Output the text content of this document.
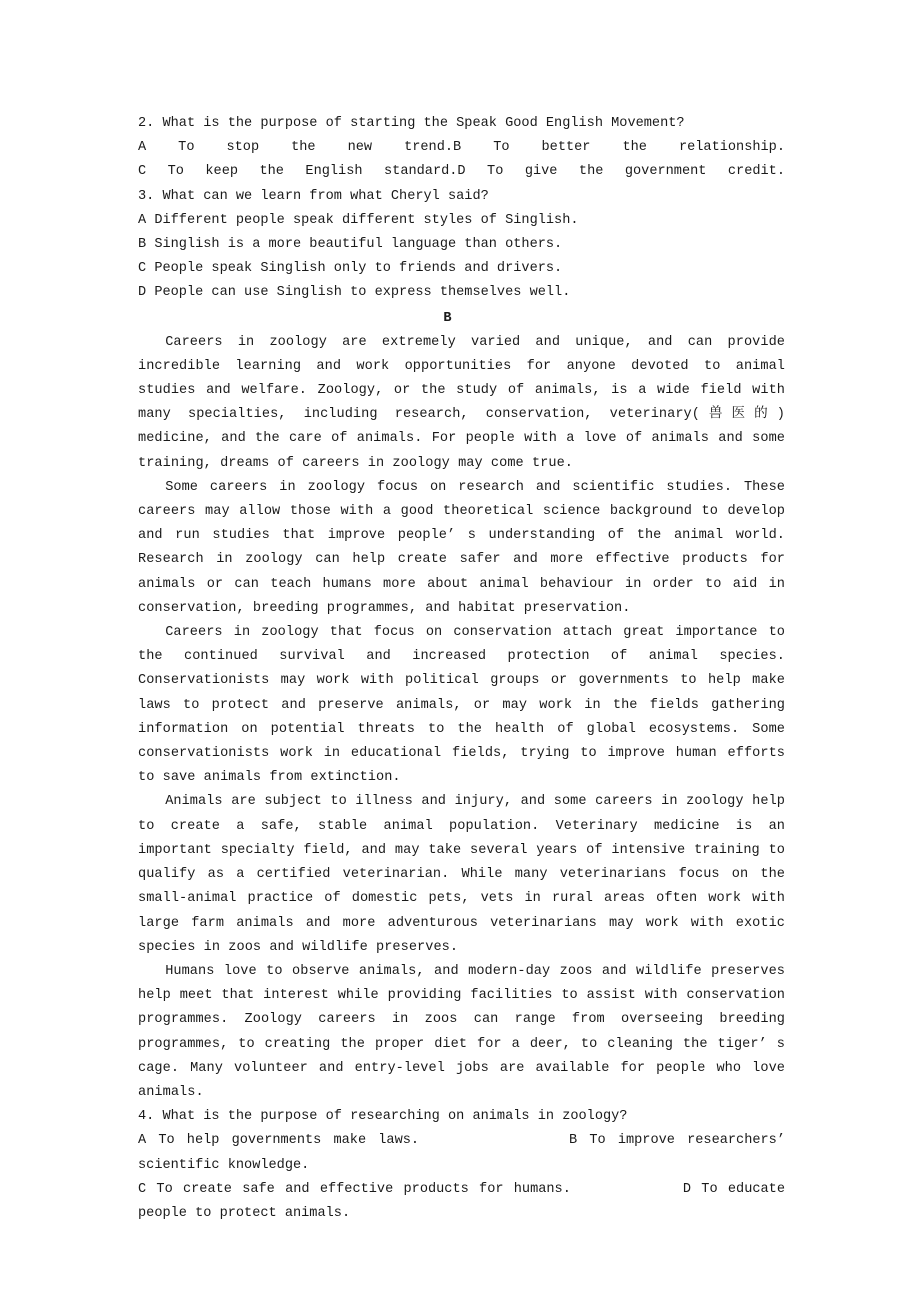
2. What is the purpose of starting the Speak Good English Movement?
A To stop the new trend.B To better the relationship.
C To keep the English standard.D To give the government credit.
3. What can we learn from what Cheryl said?
A Different people speak different styles of Singlish.
B Singlish is a more beautiful language than others.
C People speak Singlish only to friends and drivers.
D People can use Singlish to express themselves well.
B

Careers in zoology are extremely varied and unique, and can provide incredible learning and work opportunities for anyone devoted to animal studies and welfare. Zoology, or the study of animals, is a wide field with many specialties, including research, conservation, veterinary(兽医的) medicine, and the care of animals. For people with a love of animals and some training, dreams of careers in zoology may come true.

Some careers in zoology focus on research and scientific studies. These careers may allow those with a good theoretical science background to develop and run studies that improve people’ s understanding of the animal world. Research in zoology can help create safer and more effective products for animals or can teach humans more about animal behaviour in order to aid in conservation, breeding programmes, and habitat preservation.

Careers in zoology that focus on conservation attach great importance to the continued survival and increased protection of animal species. Conservationists may work with political groups or governments to help make laws to protect and preserve animals, or may work in the fields gathering information on potential threats to the health of global ecosystems. Some conservationists work in educational fields, trying to improve human efforts to save animals from extinction.

Animals are subject to illness and injury, and some careers in zoology help to create a safe, stable animal population. Veterinary medicine is an important specialty field, and may take several years of intensive training to qualify as a certified veterinarian. While many veterinarians focus on the small-animal practice of domestic pets, vets in rural areas often work with large farm animals and more adventurous veterinarians may work with exotic species in zoos and wildlife preserves.

Humans love to observe animals, and modern-day zoos and wildlife preserves help meet that interest while providing facilities to assist with conservation programmes. Zoology careers in zoos can range from overseeing breeding programmes, to creating the proper diet for a deer, to cleaning the tiger’ s cage. Many volunteer and entry-level jobs are available for people who love animals.

4. What is the purpose of researching on animals in zoology?

A To help governments make laws.	B To improve researchers’ scientific knowledge.

C To create safe and effective products for humans.	D To educate people to protect animals.
